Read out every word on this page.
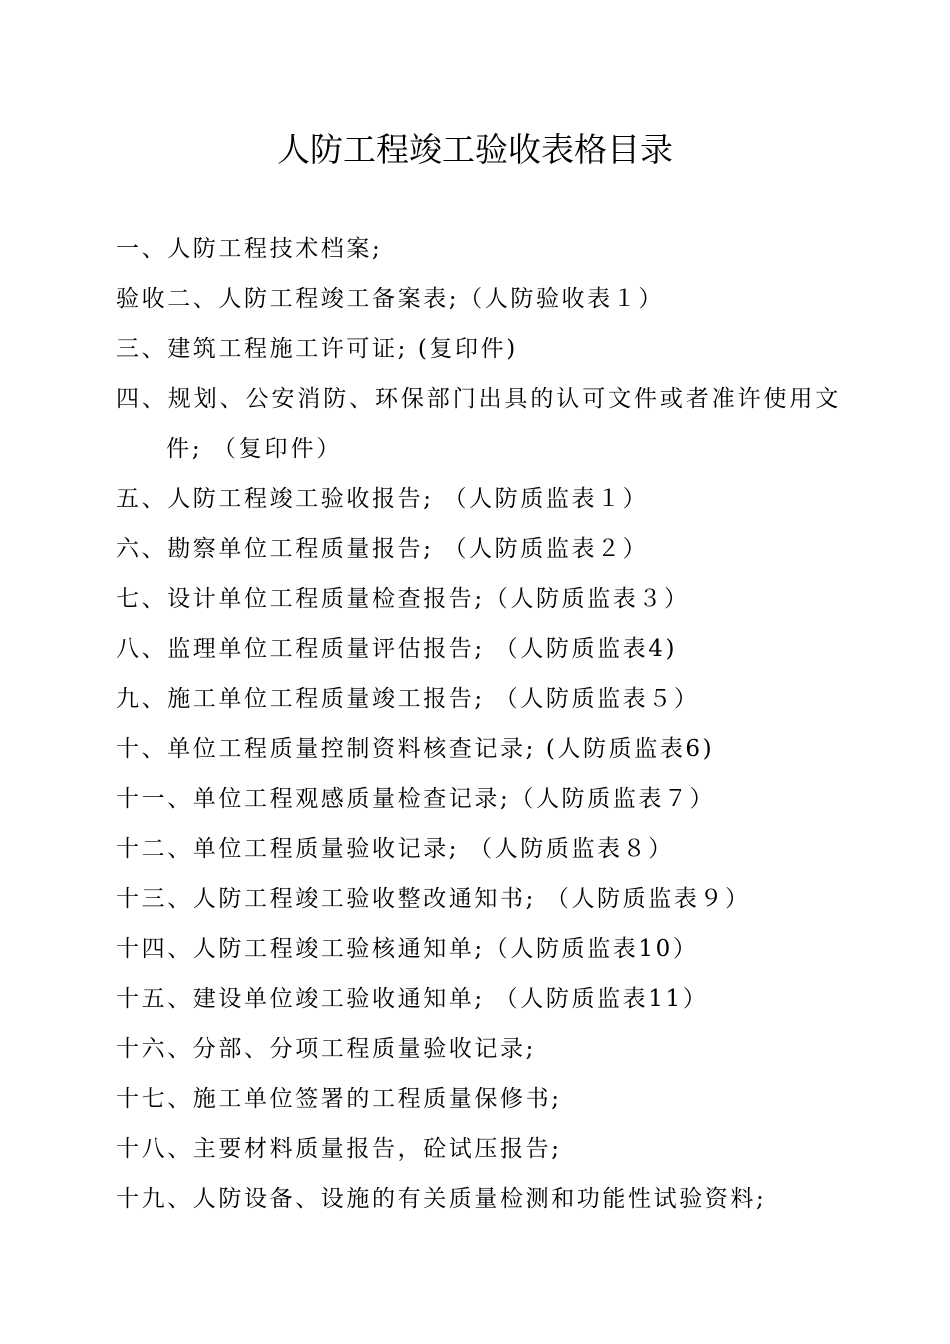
人防工程竣工验收表格目录
一、人防工程技术档案;
验收二、人防工程竣工备案表;（人防验收表１）
三、建筑工程施工许可证; (复印件)
四、规划、公安消防、环保部门出具的认可文件或者准许使用文件; （复印件）
五、人防工程竣工验收报告; （人防质监表１）
六、勘察单位工程质量报告; （人防质监表２）
七、设计单位工程质量检查报告;（人防质监表３）
八、监理单位工程质量评估报告; （人防质监表4)
九、施工单位工程质量竣工报告; （人防质监表５）
十、单位工程质量控制资料核查记录; (人防质监表6)
十一、单位工程观感质量检查记录;（人防质监表７）
十二、单位工程质量验收记录; （人防质监表８）
十三、人防工程竣工验收整改通知书; （人防质监表９）
十四、人防工程竣工验核通知单;（人防质监表10）
十五、建设单位竣工验收通知单; （人防质监表11）
十六、分部、分项工程质量验收记录;
十七、施工单位签署的工程质量保修书;
十八、主要材料质量报告，砼试压报告;
十九、人防设备、设施的有关质量检测和功能性试验资料;
